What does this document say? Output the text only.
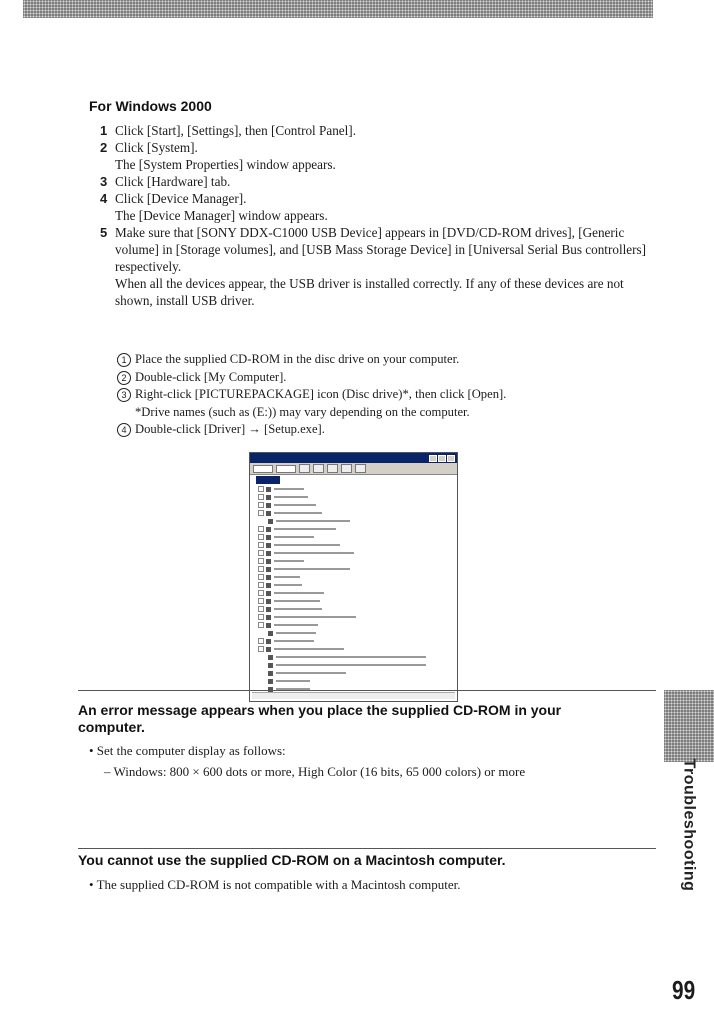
For Windows 2000
1 Click [Start], [Settings], then [Control Panel].
2 Click [System].
The [System Properties] window appears.
3 Click [Hardware] tab.
4 Click [Device Manager].
The [Device Manager] window appears.
5 Make sure that [SONY DDX-C1000 USB Device] appears in [DVD/CD-ROM drives], [Generic volume] in [Storage volumes], and [USB Mass Storage Device] in [Universal Serial Bus controllers] respectively.
When all the devices appear, the USB driver is installed correctly. If any of these devices are not shown, install USB driver.
1 Place the supplied CD-ROM in the disc drive on your computer.
2 Double-click [My Computer].
3 Right-click [PICTUREPACKAGE] icon (Disc drive)*, then click [Open].
*Drive names (such as (E:)) may vary depending on the computer.
4 Double-click [Driver] → [Setup.exe].
An error message appears when you place the supplied CD-ROM in your computer.
• Set the computer display as follows:
– Windows: 800 × 600 dots or more, High Color (16 bits, 65 000 colors) or more
You cannot use the supplied CD-ROM on a Macintosh computer.
• The supplied CD-ROM is not compatible with a Macintosh computer.	Troubleshooting
99
